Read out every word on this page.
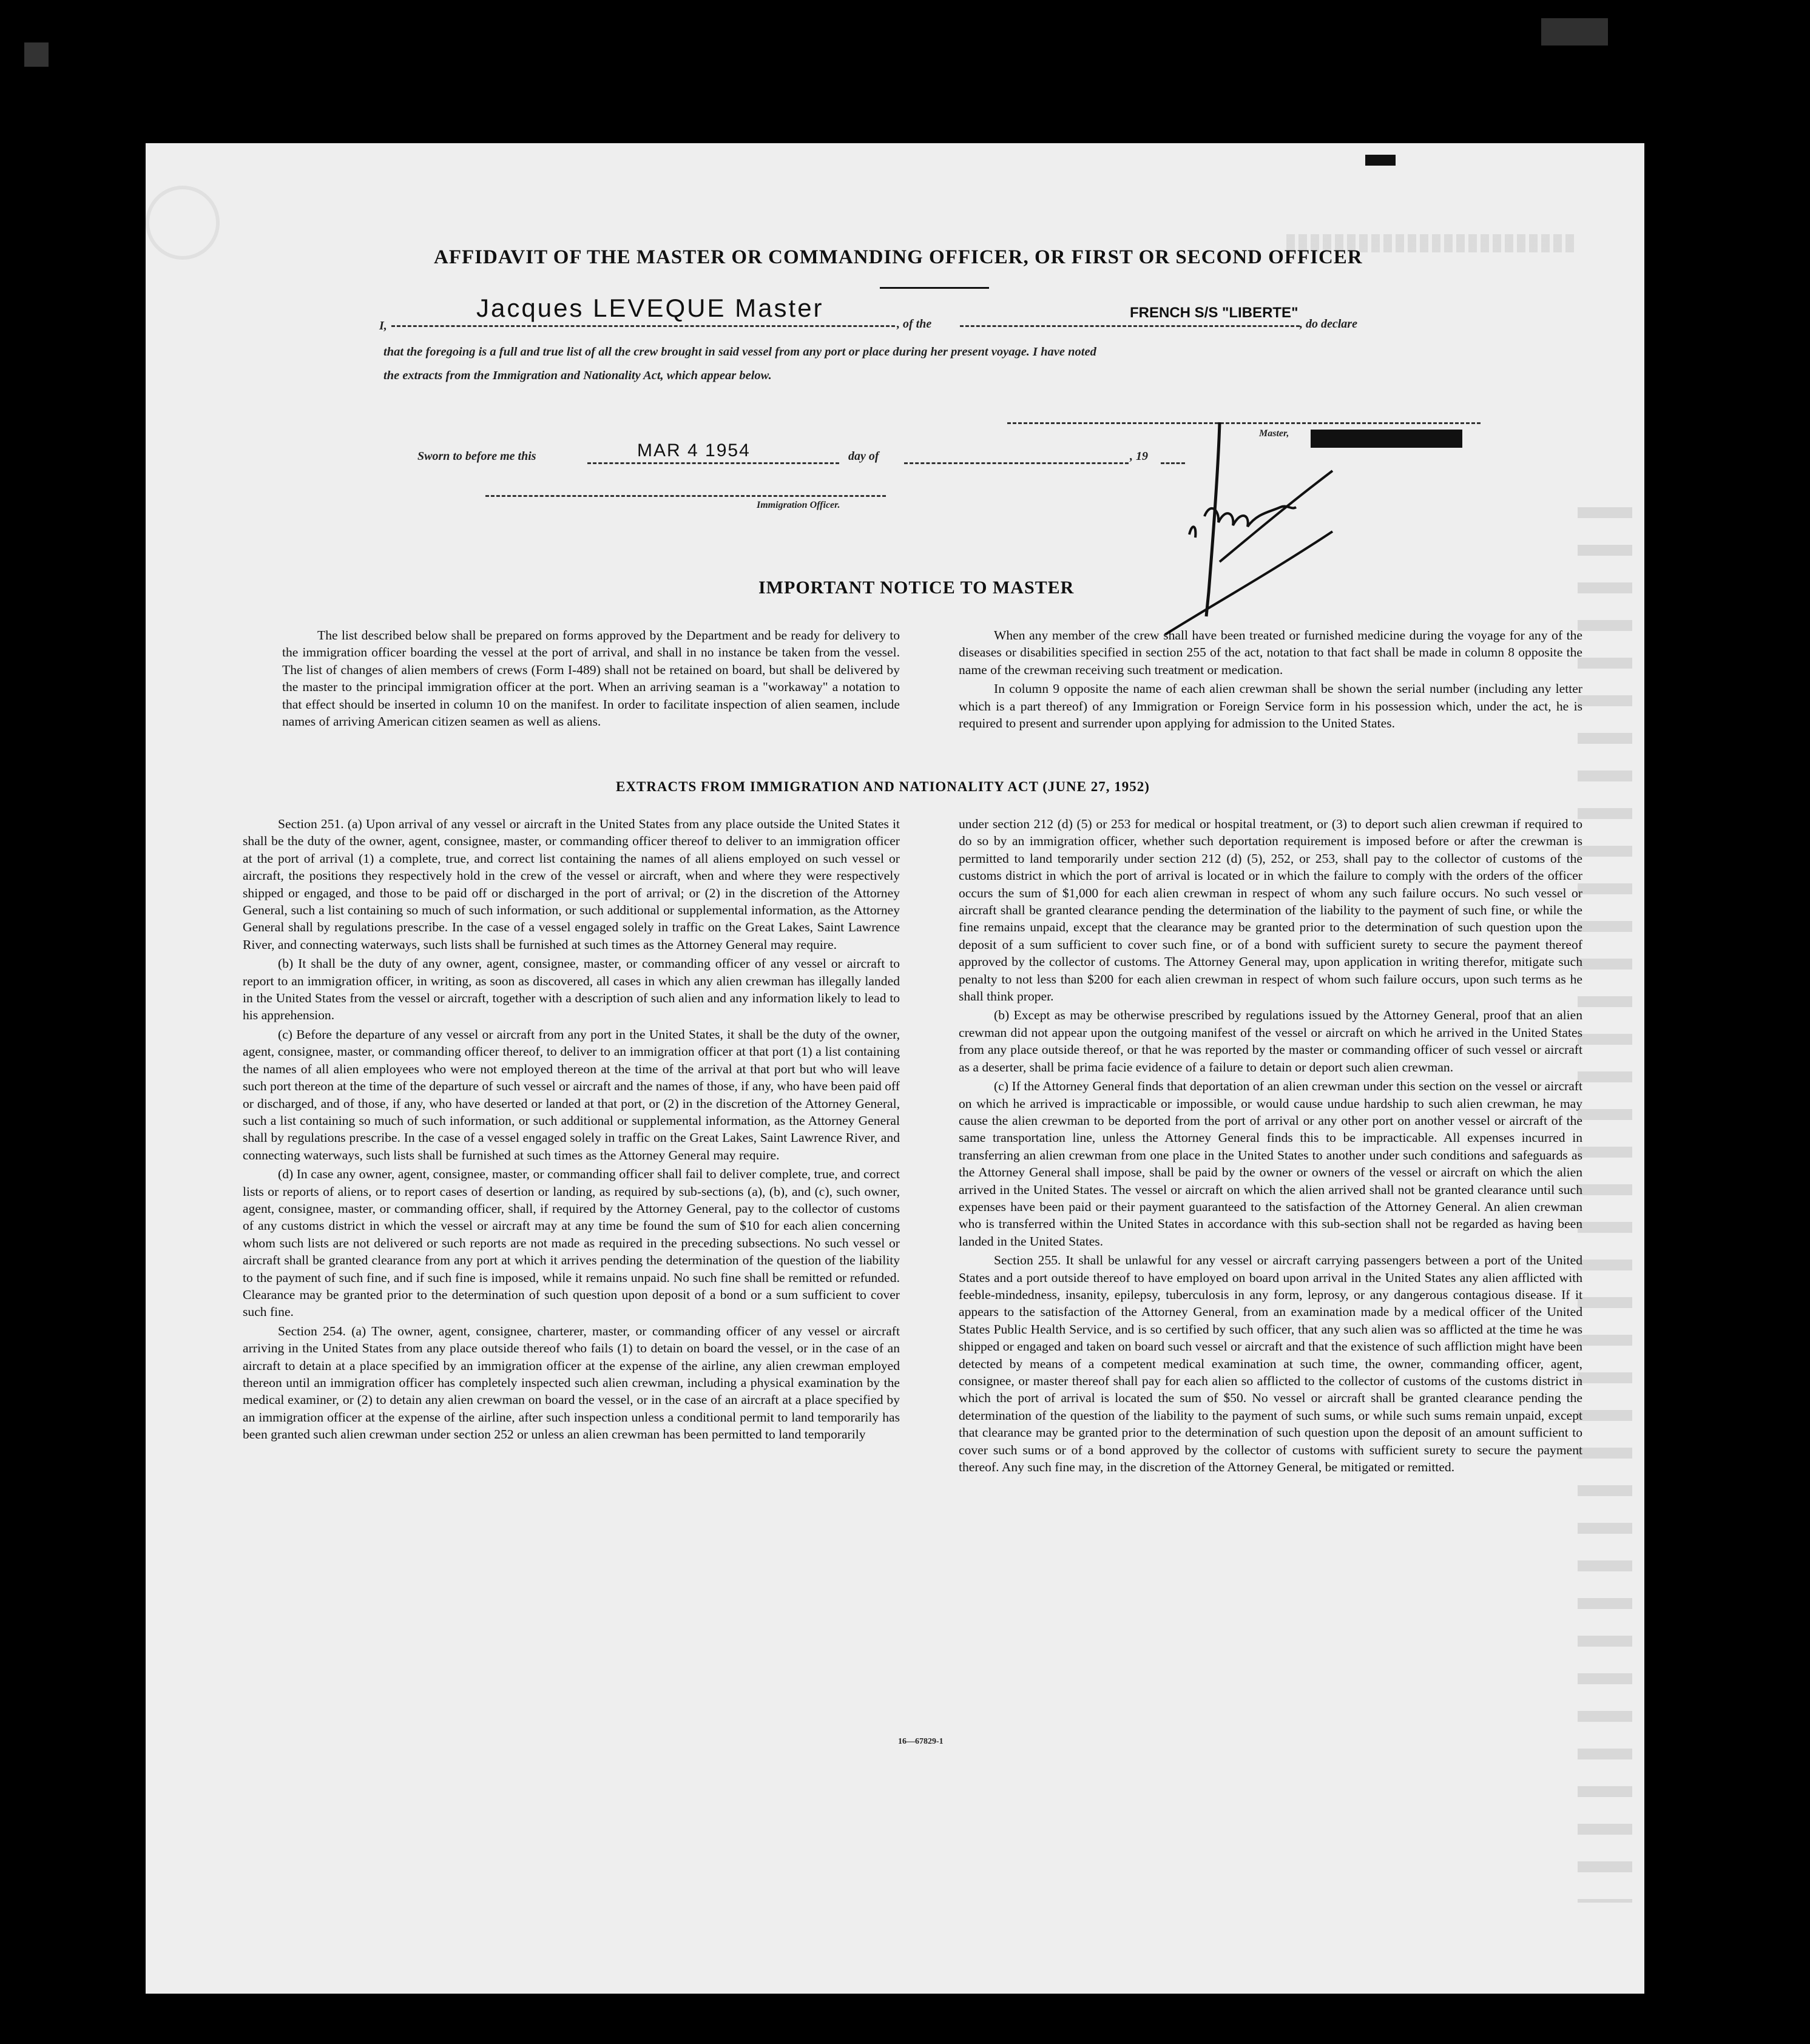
AFFIDAVIT OF THE MASTER OR COMMANDING OFFICER, OR FIRST OR SECOND OFFICER
I,
Jacques LEVEQUE Master
, of the
FRENCH S/S "LIBERTE"
, do declare
that the foregoing is a full and true list of all the crew brought in said vessel from any port or place during her present voyage. I have noted
the extracts from the Immigration and Nationality Act, which appear below.
Master,
Sworn to before me this	MAR 4 1954	day of	, 19
Immigration Officer.
IMPORTANT NOTICE TO MASTER

The list described below shall be prepared on forms approved by the Department and be ready for delivery to the immigration officer boarding the vessel at the port of arrival, and shall in no instance be taken from the vessel. The list of changes of alien members of crews (Form I-489) shall not be retained on board, but shall be delivered by the master to the principal immigration officer at the port. When an arriving seaman is a "workaway" a notation to that effect should be inserted in column 10 on the manifest. In order to facilitate inspection of alien seamen, include names of arriving American citizen seamen as well as aliens.

When any member of the crew shall have been treated or furnished medicine during the voyage for any of the diseases or disabilities specified in section 255 of the act, notation to that fact shall be made in column 8 opposite the name of the crewman receiving such treatment or medication.

In column 9 opposite the name of each alien crewman shall be shown the serial number (including any letter which is a part thereof) of any Immigration or Foreign Service form in his possession which, under the act, he is required to present and surrender upon applying for admission to the United States.

EXTRACTS FROM IMMIGRATION AND NATIONALITY ACT (JUNE 27, 1952)

Section 251. (a) Upon arrival of any vessel or aircraft in the United States from any place outside the United States it shall be the duty of the owner, agent, consignee, master, or commanding officer thereof to deliver to an immigration officer at the port of arrival (1) a complete, true, and correct list containing the names of all aliens employed on such vessel or aircraft, the positions they respectively hold in the crew of the vessel or aircraft, when and where they were respectively shipped or engaged, and those to be paid off or discharged in the port of arrival; or (2) in the discretion of the Attorney General, such a list containing so much of such information, or such additional or supplemental information, as the Attorney General shall by regulations prescribe. In the case of a vessel engaged solely in traffic on the Great Lakes, Saint Lawrence River, and connecting waterways, such lists shall be furnished at such times as the Attorney General may require.

(b) It shall be the duty of any owner, agent, consignee, master, or commanding officer of any vessel or aircraft to report to an immigration officer, in writing, as soon as discovered, all cases in which any alien crewman has illegally landed in the United States from the vessel or aircraft, together with a description of such alien and any information likely to lead to his apprehension.

(c) Before the departure of any vessel or aircraft from any port in the United States, it shall be the duty of the owner, agent, consignee, master, or commanding officer thereof, to deliver to an immigration officer at that port (1) a list containing the names of all alien employees who were not employed thereon at the time of the arrival at that port but who will leave such port thereon at the time of the departure of such vessel or aircraft and the names of those, if any, who have been paid off or discharged, and of those, if any, who have deserted or landed at that port, or (2) in the discretion of the Attorney General, such a list containing so much of such information, or such additional or supplemental information, as the Attorney General shall by regulations prescribe. In the case of a vessel engaged solely in traffic on the Great Lakes, Saint Lawrence River, and connecting waterways, such lists shall be furnished at such times as the Attorney General may require.

(d) In case any owner, agent, consignee, master, or commanding officer shall fail to deliver complete, true, and correct lists or reports of aliens, or to report cases of desertion or landing, as required by sub-sections (a), (b), and (c), such owner, agent, consignee, master, or commanding officer, shall, if required by the Attorney General, pay to the collector of customs of any customs district in which the vessel or aircraft may at any time be found the sum of $10 for each alien concerning whom such lists are not delivered or such reports are not made as required in the preceding subsections. No such vessel or aircraft shall be granted clearance from any port at which it arrives pending the determination of the question of the liability to the payment of such fine, and if such fine is imposed, while it remains unpaid. No such fine shall be remitted or refunded. Clearance may be granted prior to the determination of such question upon deposit of a bond or a sum sufficient to cover such fine.

Section 254. (a) The owner, agent, consignee, charterer, master, or commanding officer of any vessel or aircraft arriving in the United States from any place outside thereof who fails (1) to detain on board the vessel, or in the case of an aircraft to detain at a place specified by an immigration officer at the expense of the airline, any alien crewman employed thereon until an immigration officer has completely inspected such alien crewman, including a physical examination by the medical examiner, or (2) to detain any alien crewman on board the vessel, or in the case of an aircraft at a place specified by an immigration officer at the expense of the airline, after such inspection unless a conditional permit to land temporarily has been granted such alien crewman under section 252 or unless an alien crewman has been permitted to land temporarily

under section 212 (d) (5) or 253 for medical or hospital treatment, or (3) to deport such alien crewman if required to do so by an immigration officer, whether such deportation requirement is imposed before or after the crewman is permitted to land temporarily under section 212 (d) (5), 252, or 253, shall pay to the collector of customs of the customs district in which the port of arrival is located or in which the failure to comply with the orders of the officer occurs the sum of $1,000 for each alien crewman in respect of whom any such failure occurs. No such vessel or aircraft shall be granted clearance pending the determination of the liability to the payment of such fine, or while the fine remains unpaid, except that the clearance may be granted prior to the determination of such question upon the deposit of a sum sufficient to cover such fine, or of a bond with sufficient surety to secure the payment thereof approved by the collector of customs. The Attorney General may, upon application in writing therefor, mitigate such penalty to not less than $200 for each alien crewman in respect of whom such failure occurs, upon such terms as he shall think proper.

(b) Except as may be otherwise prescribed by regulations issued by the Attorney General, proof that an alien crewman did not appear upon the outgoing manifest of the vessel or aircraft on which he arrived in the United States from any place outside thereof, or that he was reported by the master or commanding officer of such vessel or aircraft as a deserter, shall be prima facie evidence of a failure to detain or deport such alien crewman.

(c) If the Attorney General finds that deportation of an alien crewman under this section on the vessel or aircraft on which he arrived is impracticable or impossible, or would cause undue hardship to such alien crewman, he may cause the alien crewman to be deported from the port of arrival or any other port on another vessel or aircraft of the same transportation line, unless the Attorney General finds this to be impracticable. All expenses incurred in transferring an alien crewman from one place in the United States to another under such conditions and safeguards as the Attorney General shall impose, shall be paid by the owner or owners of the vessel or aircraft on which the alien arrived in the United States. The vessel or aircraft on which the alien arrived shall not be granted clearance until such expenses have been paid or their payment guaranteed to the satisfaction of the Attorney General. An alien crewman who is transferred within the United States in accordance with this sub-section shall not be regarded as having been landed in the United States.

Section 255. It shall be unlawful for any vessel or aircraft carrying passengers between a port of the United States and a port outside thereof to have employed on board upon arrival in the United States any alien afflicted with feeble-mindedness, insanity, epilepsy, tuberculosis in any form, leprosy, or any dangerous contagious disease. If it appears to the satisfaction of the Attorney General, from an examination made by a medical officer of the United States Public Health Service, and is so certified by such officer, that any such alien was so afflicted at the time he was shipped or engaged and taken on board such vessel or aircraft and that the existence of such affliction might have been detected by means of a competent medical examination at such time, the owner, commanding officer, agent, consignee, or master thereof shall pay for each alien so afflicted to the collector of customs of the customs district in which the port of arrival is located the sum of $50. No vessel or aircraft shall be granted clearance pending the determination of the question of the liability to the payment of such sums, or while such sums remain unpaid, except that clearance may be granted prior to the determination of such question upon the deposit of an amount sufficient to cover such sums or of a bond approved by the collector of customs with sufficient surety to secure the payment thereof. Any such fine may, in the discretion of the Attorney General, be mitigated or remitted.

16—67829-1
